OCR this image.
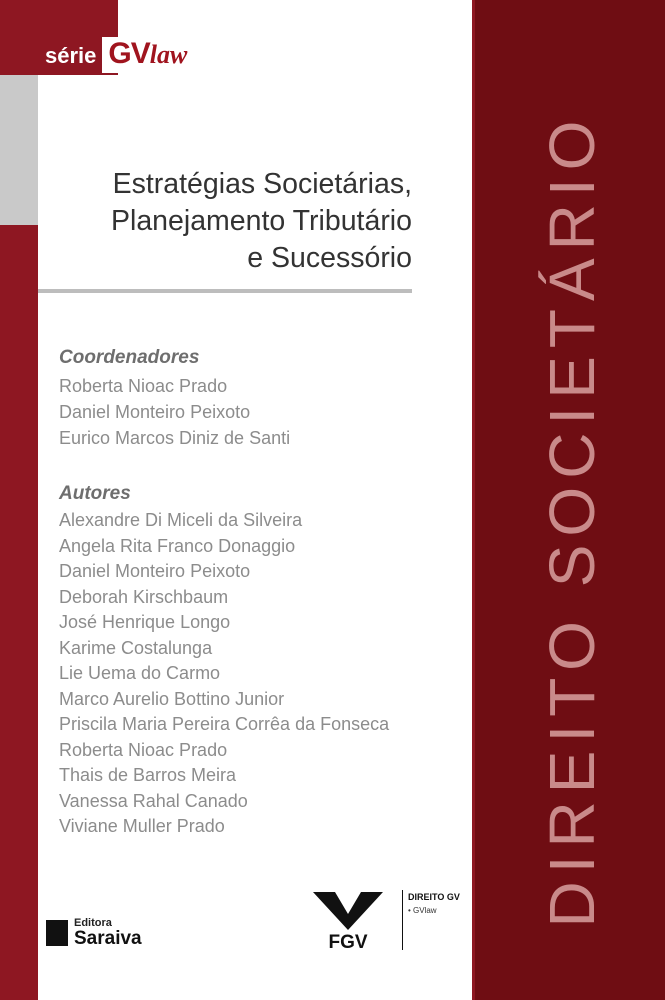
série GV law
Estratégias Societárias,
Planejamento Tributário
e Sucessório
Coordenadores
Roberta Nioac Prado
Daniel Monteiro Peixoto
Eurico Marcos Diniz de Santi
Autores
Alexandre Di Miceli da Silveira
Angela Rita Franco Donaggio
Daniel Monteiro Peixoto
Deborah Kirschbaum
José Henrique Longo
Karime Costalunga
Lie Uema do Carmo
Marco Aurelio Bottino Junior
Priscila Maria Pereira Corrêa da Fonseca
Roberta Nioac Prado
Thais de Barros Meira
Vanessa Rahal Canado
Viviane Muller Prado	DIREITO SOCIETÁRIO
Editora
Saraiva	FGV
DIREITO GV
• GVlaw
